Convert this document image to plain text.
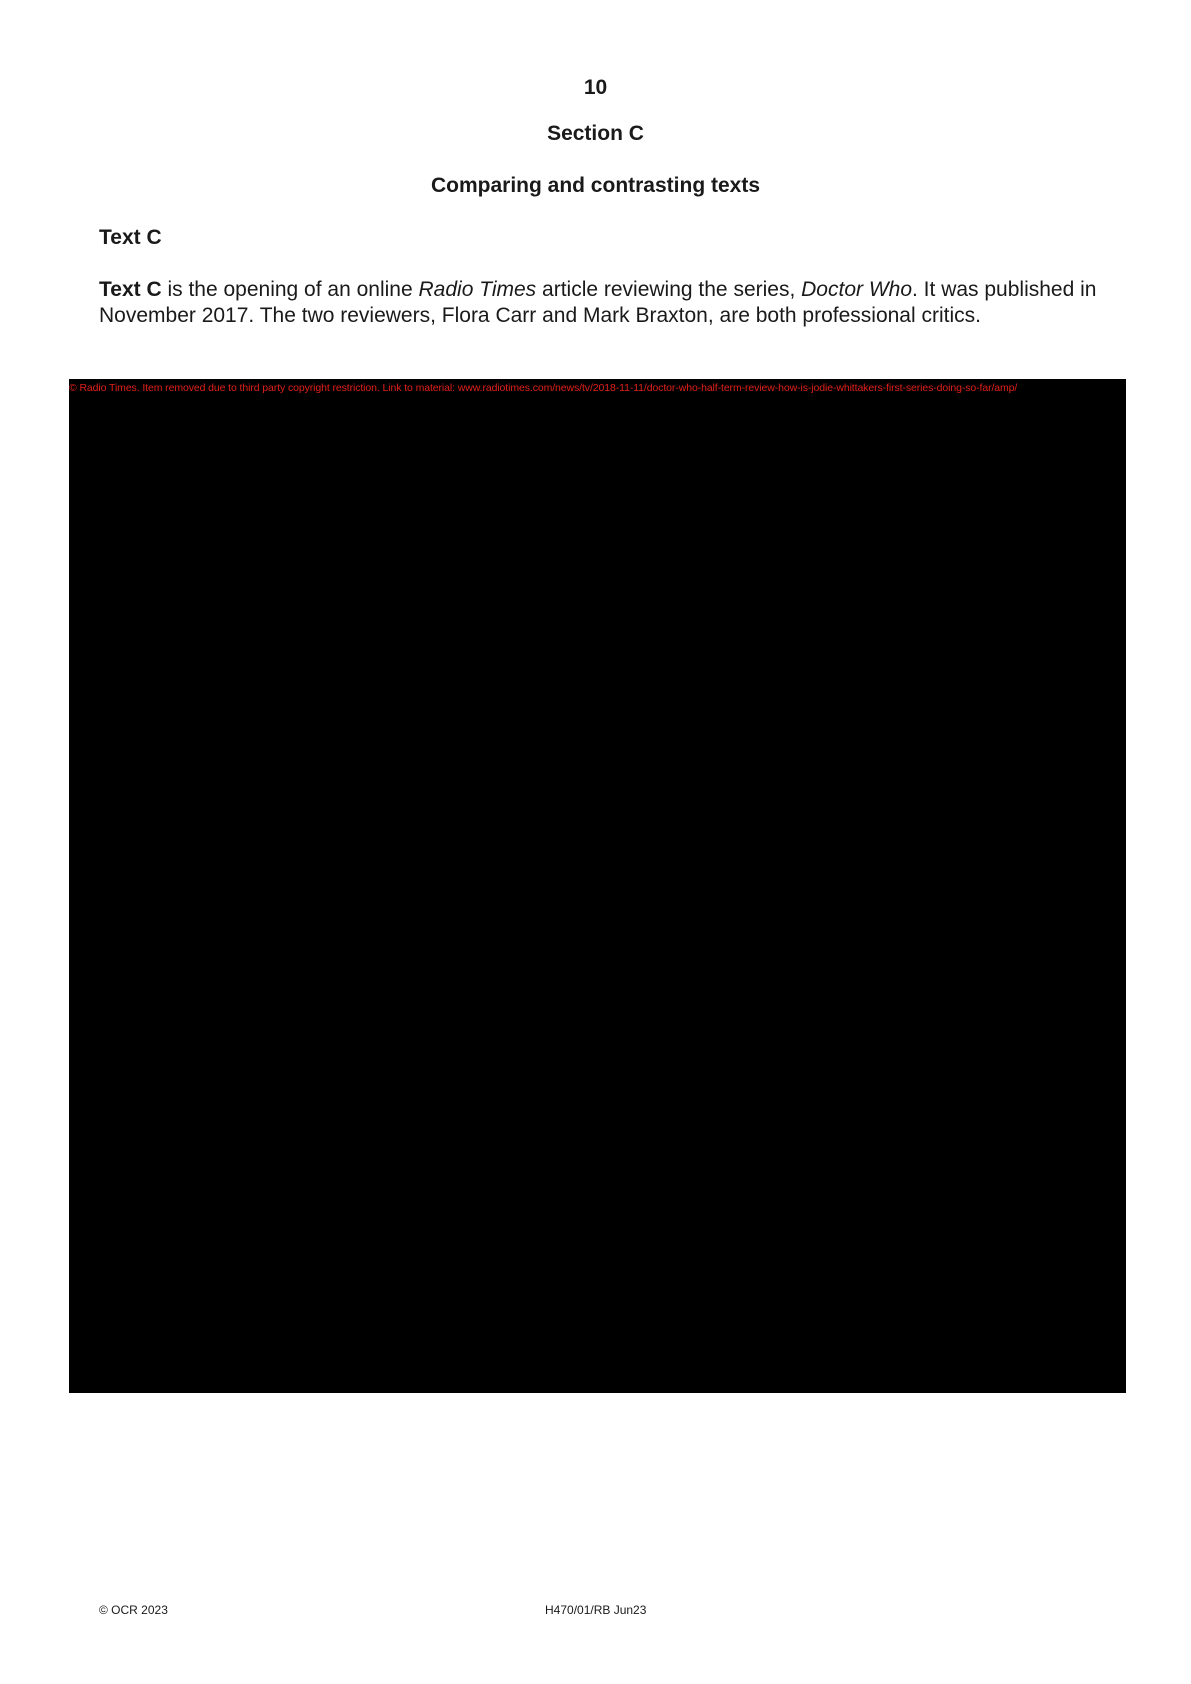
10
Section C
Comparing and contrasting texts
Text C
Text C is the opening of an online Radio Times article reviewing the series, Doctor Who. It was published in November 2017. The two reviewers, Flora Carr and Mark Braxton, are both professional critics.
© Radio Times. Item removed due to third party copyright restriction. Link to material: www.radiotimes.com/news/tv/2018-11-11/doctor-who-half-term-review-how-is-jodie-whittakers-first-series-doing-so-far/amp/
© OCR 2023	H470/01/RB Jun23
